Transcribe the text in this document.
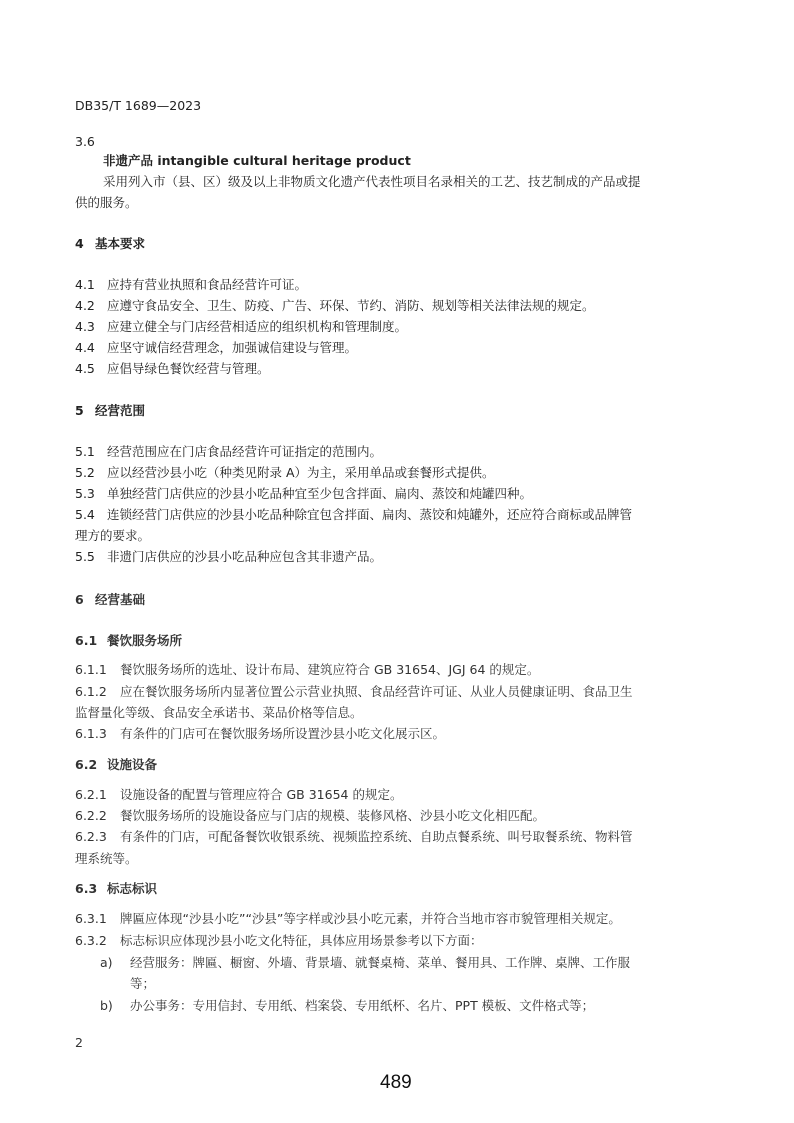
DB35/T 1689—2023
3.6
非遗产品 intangible cultural heritage product
采用列入市（县、区）级及以上非物质文化遗产代表性项目名录相关的工艺、技艺制成的产品或提
供的服务。
4 基本要求
4.1 应持有营业执照和食品经营许可证。
4.2 应遵守食品安全、卫生、防疫、广告、环保、节约、消防、规划等相关法律法规的规定。
4.3 应建立健全与门店经营相适应的组织机构和管理制度。
4.4 应坚守诚信经营理念，加强诚信建设与管理。
4.5 应倡导绿色餐饮经营与管理。
5 经营范围
5.1 经营范围应在门店食品经营许可证指定的范围内。
5.2 应以经营沙县小吃（种类见附录 A）为主，采用单品或套餐形式提供。
5.3 单独经营门店供应的沙县小吃品种宜至少包含拌面、扁肉、蒸饺和炖罐四种。
5.4 连锁经营门店供应的沙县小吃品种除宜包含拌面、扁肉、蒸饺和炖罐外，还应符合商标或品牌管
理方的要求。
5.5 非遗门店供应的沙县小吃品种应包含其非遗产品。
6 经营基础
6.1 餐饮服务场所
6.1.1 餐饮服务场所的选址、设计布局、建筑应符合 GB 31654、JGJ 64 的规定。
6.1.2 应在餐饮服务场所内显著位置公示营业执照、食品经营许可证、从业人员健康证明、食品卫生
监督量化等级、食品安全承诺书、菜品价格等信息。
6.1.3 有条件的门店可在餐饮服务场所设置沙县小吃文化展示区。
6.2 设施设备
6.2.1 设施设备的配置与管理应符合 GB 31654 的规定。
6.2.2 餐饮服务场所的设施设备应与门店的规模、装修风格、沙县小吃文化相匹配。
6.2.3 有条件的门店，可配备餐饮收银系统、视频监控系统、自助点餐系统、叫号取餐系统、物料管
理系统等。
6.3 标志标识
6.3.1 牌匾应体现“沙县小吃”“沙县”等字样或沙县小吃元素，并符合当地市容市貌管理相关规定。
6.3.2 标志标识应体现沙县小吃文化特征，具体应用场景参考以下方面：
a) 经营服务：牌匾、橱窗、外墙、背景墙、就餐桌椅、菜单、餐用具、工作牌、桌牌、工作服
等；
b) 办公事务：专用信封、专用纸、档案袋、专用纸杯、名片、PPT 模板、文件格式等；
2
489
